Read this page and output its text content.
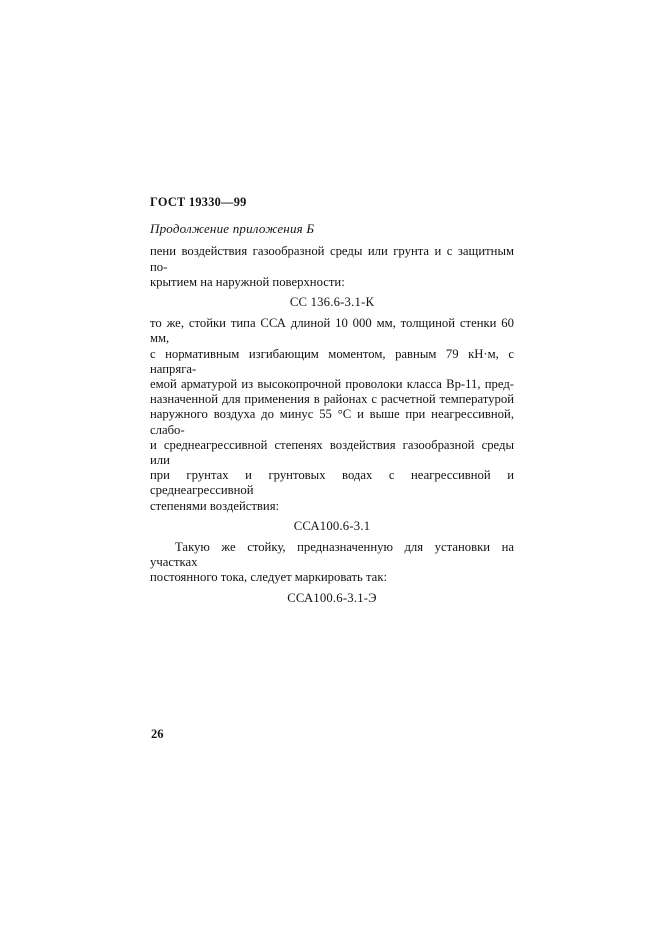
ГОСТ 19330—99
Продолжение приложения Б
пени воздействия газообразной среды или грунта и с защитным по-
крытием на наружной поверхности:
СС 136.6-3.1-К
то же, стойки типа ССА длиной 10 000 мм, толщиной стенки 60 мм,
с нормативным изгибающим моментом, равным 79 кН·м, с напряга-
емой арматурой из высокопрочной проволоки класса Вр-11, пред-
назначенной для применения в районах с расчетной температурой
наружного воздуха до минус 55 °С и выше при неагрессивной, слабо-
и среднеагрессивной степенях воздействия газообразной среды или
при грунтах и грунтовых водах с неагрессивной и среднеагрессивной
степенями воздействия:
ССА100.6-3.1
Такую же стойку, предназначенную для установки на участках
постоянного тока, следует маркировать так:
ССА100.6-3.1-Э
26
